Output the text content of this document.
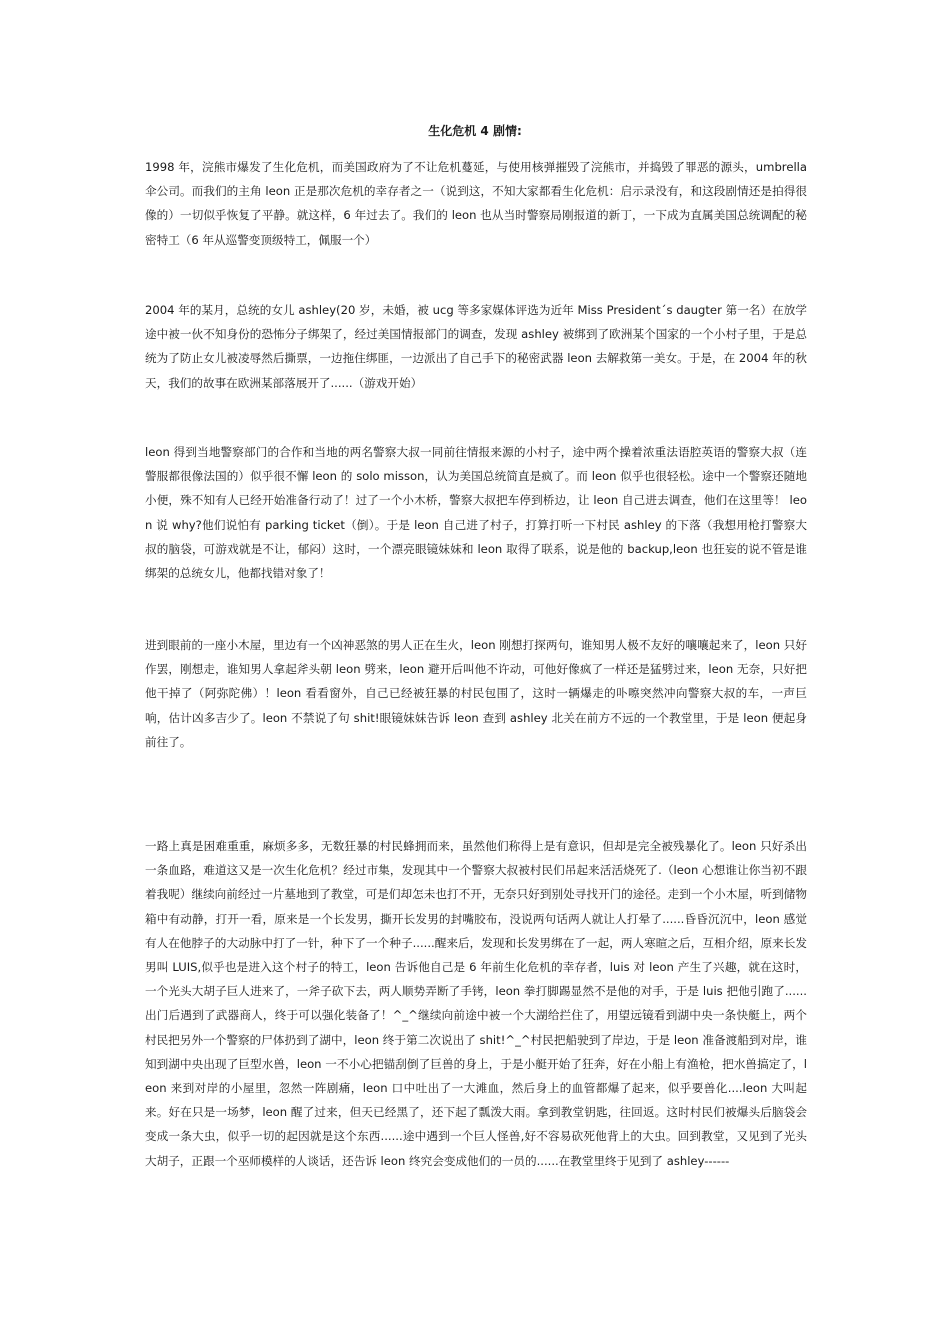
生化危机 4 剧情:

1998 年，浣熊市爆发了生化危机，而美国政府为了不让危机蔓延，与使用核弹摧毁了浣熊市，并捣毁了罪恶的源头，umbrella 伞公司。而我们的主角 leon 正是那次危机的幸存者之一（说到这，不知大家都看生化危机：启示录没有，和这段剧情还是拍得很像的）一切似乎恢复了平静。就这样，6 年过去了。我们的 leon 也从当时警察局刚报道的新丁，一下成为直属美国总统调配的秘密特工（6 年从巡警变顶级特工，佩服一个）

2004 年的某月，总统的女儿 ashley(20 岁，未婚，被 ucg 等多家媒体评选为近年 Miss President´s daugter 第一名）在放学途中被一伙不知身份的恐怖分子绑架了，经过美国情报部门的调查，发现 ashley 被绑到了欧洲某个国家的一个小村子里，于是总统为了防止女儿被凌辱然后撕票，一边拖住绑匪，一边派出了自己手下的秘密武器 leon 去解救第一美女。于是，在 2004 年的秋天，我们的故事在欧洲某部落展开了......（游戏开始）

leon 得到当地警察部门的合作和当地的两名警察大叔一同前往情报来源的小村子，途中两个操着浓重法语腔英语的警察大叔（连警服都很像法国的）似乎很不懈 leon 的 solo misson，认为美国总统简直是疯了。而 leon 似乎也很轻松。途中一个警察还随地小便，殊不知有人已经开始准备行动了！过了一个小木桥，警察大叔把车停到桥边，让 leon 自己进去调查，他们在这里等！ leon 说 why?他们说怕有 parking ticket（倒）。于是 leon 自己进了村子，打算打听一下村民 ashley 的下落（我想用枪打警察大叔的脑袋，可游戏就是不让，郁闷）这时，一个漂亮眼镜妹妹和 leon 取得了联系，说是他的 backup,leon 也狂妄的说不管是谁绑架的总统女儿，他都找错对象了！

进到眼前的一座小木屋，里边有一个凶神恶煞的男人正在生火，leon 刚想打探两句，谁知男人极不友好的嚷嚷起来了，leon 只好作罢，刚想走，谁知男人拿起斧头朝 leon 劈来，leon 避开后叫他不许动，可他好像疯了一样还是猛劈过来，leon 无奈，只好把他干掉了（阿弥陀佛）！leon 看看窗外，自己已经被狂暴的村民包围了，这时一辆爆走的卟嚓突然冲向警察大叔的车，一声巨响，估计凶多吉少了。leon 不禁说了句 shit!眼镜妹妹告诉 leon 查到 ashley 北关在前方不远的一个教堂里，于是 leon 便起身前往了。

一路上真是困难重重，麻烦多多，无数狂暴的村民蜂拥而来，虽然他们称得上是有意识，但却是完全被残暴化了。leon 只好杀出一条血路，难道这又是一次生化危机？经过市集，发现其中一个警察大叔被村民们吊起来活活烧死了.（leon 心想谁让你当初不跟着我呢）继续向前经过一片墓地到了教堂，可是们却怎未也打不开，无奈只好到别处寻找开门的途径。走到一个小木屋，听到储物箱中有动静，打开一看，原来是一个长发男，撕开长发男的封嘴胶布，没说两句话两人就让人打晕了......昏昏沉沉中，leon 感觉有人在他脖子的大动脉中打了一针，种下了一个种子......醒来后，发现和长发男绑在了一起，两人寒暄之后，互相介绍，原来长发男叫 LUIS,似乎也是进入这个村子的特工，leon 告诉他自己是 6 年前生化危机的幸存者，luis 对 leon 产生了兴趣，就在这时，一个光头大胡子巨人进来了，一斧子砍下去，两人顺势弄断了手铐，leon 拳打脚踢显然不是他的对手，于是 luis 把他引跑了......出门后遇到了武器商人，终于可以强化装备了！^_^继续向前途中被一个大湖给拦住了，用望远镜看到湖中央一条快艇上，两个村民把另外一个警察的尸体扔到了湖中，leon 终于第二次说出了 shit!^_^村民把船驶到了岸边，于是 leon 准备渡船到对岸，谁知到湖中央出现了巨型水兽，leon 一不小心把锚刮倒了巨兽的身上，于是小艇开始了狂奔，好在小船上有渔枪，把水兽搞定了，leon 来到对岸的小屋里，忽然一阵剧痛，leon 口中吐出了一大滩血，然后身上的血管都爆了起来，似乎要兽化....leon 大叫起来。好在只是一场梦，leon 醒了过来，但天已经黑了，还下起了瓢泼大雨。拿到教堂钥匙，往回返。这时村民们被爆头后脑袋会变成一条大虫，似乎一切的起因就是这个东西......途中遇到一个巨人怪兽,好不容易砍死他背上的大虫。回到教堂，又见到了光头大胡子，正跟一个巫师模样的人谈话，还告诉 leon 终究会变成他们的一员的......在教堂里终于见到了 ashley------
